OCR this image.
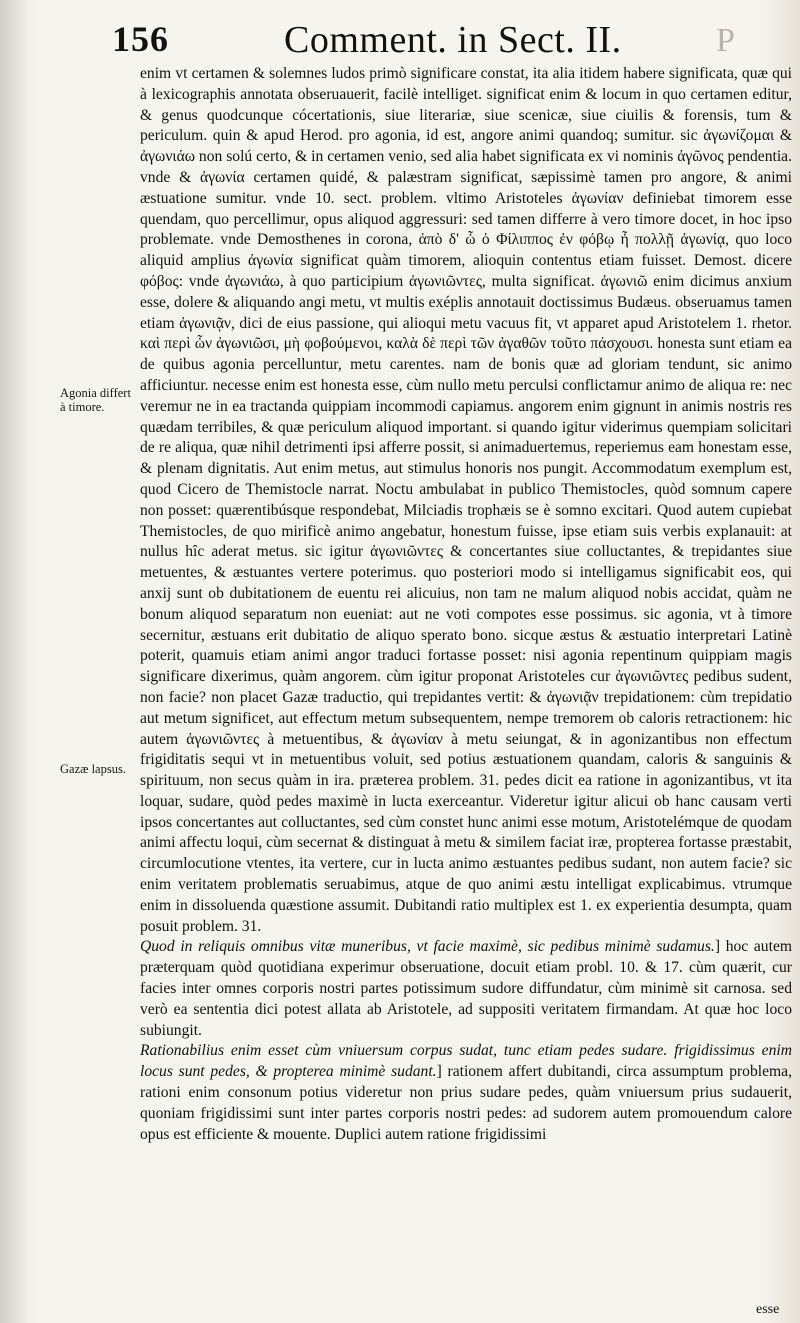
156	Comment. in Sect. II.	P
Agonia differt à timore.
Gazæ lapsus.

enim vt certamen & solemnes ludos primò significare constat, ita alia itidem habere significata, quæ qui à lexicographis annotata obseruauerit, facilè intelliget. significat enim & locum in quo certamen editur, & genus quodcunque cócertationis, siue literariæ, siue scenicæ, siue ciuilis & forensis, tum & periculum. quin & apud Herod. pro agonia, id est, angore animi quandoq; sumitur. sic ἀγωνίζομαι & ἀγωνιάω non solú certo, & in certamen venio, sed alia habet significata ex vi nominis ἀγῶνος pendentia. vnde & ἀγωνία certamen quidé, & palæstram significat, sæpissimè tamen pro angore, & animi æstuatione sumitur. vnde 10. sect. problem. vltimo Aristoteles ἀγωνίαν definiebat timorem esse quendam, quo percellimur, opus aliquod aggressuri: sed tamen differre à vero timore docet, in hoc ipso problemate. vnde Demosthenes in corona, ἀπὸ δ' ὦ ὁ Φίλιππος ἐν φόβῳ ἦ πολλῇ ἀγωνίᾳ, quo loco aliquid amplius ἀγωνία significat quàm timorem, alioquin contentus etiam fuisset. Demost. dicere φόβος: vnde ἀγωνιάω, à quo participium ἀγωνιῶντες, multa significat. ἀγωνιῶ enim dicimus anxium esse, dolere & aliquando angi metu, vt multis exéplis annotauit doctissimus Budæus. obseruamus tamen etiam ἀγωνιᾷν, dici de eius passione, qui alioqui metu vacuus fit, vt apparet apud Aristotelem 1. rhetor. καὶ περὶ ὧν ἀγωνιῶσι, μὴ φοβούμενοι, καλὰ δὲ περὶ τῶν ἀγαθῶν τοῦτο πάσχουσι. honesta sunt etiam ea de quibus agonia percelluntur, metu carentes. nam de bonis quæ ad gloriam tendunt, sic animo afficiuntur. necesse enim est honesta esse, cùm nullo metu perculsi conflictamur animo de aliqua re: nec veremur ne in ea tractanda quippiam incommodi capiamus. angorem enim gignunt in animis nostris res quædam terribiles, & quæ periculum aliquod important. si quando igitur viderimus quempiam solicitari de re aliqua, quæ nihil detrimenti ipsi afferre possit, si animaduertemus, reperiemus eam honestam esse, & plenam dignitatis. Aut enim metus, aut stimulus honoris nos pungit. Accommodatum exemplum est, quod Cicero de Themistocle narrat. Noctu ambulabat in publico Themistocles, quòd somnum capere non posset: quærentibúsque respondebat, Milciadis trophæis se è somno excitari. Quod autem cupiebat Themistocles, de quo mirificè animo angebatur, honestum fuisse, ipse etiam suis verbis explanauit: at nullus hîc aderat metus. sic igitur ἀγωνιῶντες & concertantes siue colluctantes, & trepidantes siue metuentes, & æstuantes vertere poterimus. quo posteriori modo si intelligamus significabit eos, qui anxij sunt ob dubitationem de euentu rei alicuius, non tam ne malum aliquod nobis accidat, quàm ne bonum aliquod separatum non eueniat: aut ne voti compotes esse possimus. sic agonia, vt à timore secernitur, æstuans erit dubitatio de aliquo sperato bono. sicque æstus & æstuatio interpretari Latinè poterit, quamuis etiam animi angor traduci fortasse posset: nisi agonia repentinum quippiam magis significare dixerimus, quàm angorem. cùm igitur proponat Aristoteles cur ἀγωνιῶντες pedibus sudent, non facie? non placet Gazæ traductio, qui trepidantes vertit: & ἀγωνιᾷν trepidationem: cùm trepidatio aut metum significet, aut effectum metum subsequentem, nempe tremorem ob caloris retractionem: hic autem ἀγωνιῶντες à metuentibus, & ἀγωνίαν à metu seiungat, & in agonizantibus non effectum frigiditatis sequi vt in metuentibus voluit, sed potius æstuationem quandam, caloris & sanguinis & spirituum, non secus quàm in ira. præterea problem. 31. pedes dicit ea ratione in agonizantibus, vt ita loquar, sudare, quòd pedes maximè in lucta exerceantur. Videretur igitur alicui ob hanc causam verti ipsos concertantes aut colluctantes, sed cùm constet hunc animi esse motum, Aristotelémque de quodam animi affectu loqui, cùm secernat & distinguat à metu & similem faciat iræ, propterea fortasse præstabit, circumlocutione vtentes, ita vertere, cur in lucta animo æstuantes pedibus sudant, non autem facie? sic enim veritatem problematis seruabimus, atque de quo animi æstu intelligat explicabimus. vtrumque enim in dissoluenda quæstione assumit. Dubitandi ratio multiplex est 1. ex experientia desumpta, quam posuit problem. 31.

Quod in reliquis omnibus vitæ muneribus, vt facie maximè, sic pedibus minimè sudamus.] hoc autem præterquam quòd quotidiana experimur obseruatione, docuit etiam probl. 10. & 17. cùm quærit, cur facies inter omnes corporis nostri partes potissimum sudore diffundatur, cùm minimè sit carnosa. sed verò ea sententia dici potest allata ab Aristotele, ad suppositi veritatem firmandam. At quæ hoc loco subiungit.

Rationabilius enim esset cùm vniuersum corpus sudat, tunc etiam pedes sudare. frigidissimus enim locus sunt pedes, & propterea minimè sudant.] rationem affert dubitandi, circa assumptum problema, rationi enim consonum potius videretur non prius sudare pedes, quàm vniuersum prius sudauerit, quoniam frigidissimi sunt inter partes corporis nostri pedes: ad sudorem autem promouendum calore opus est efficiente & mouente. Duplici autem ratione frigidissimi

esse
